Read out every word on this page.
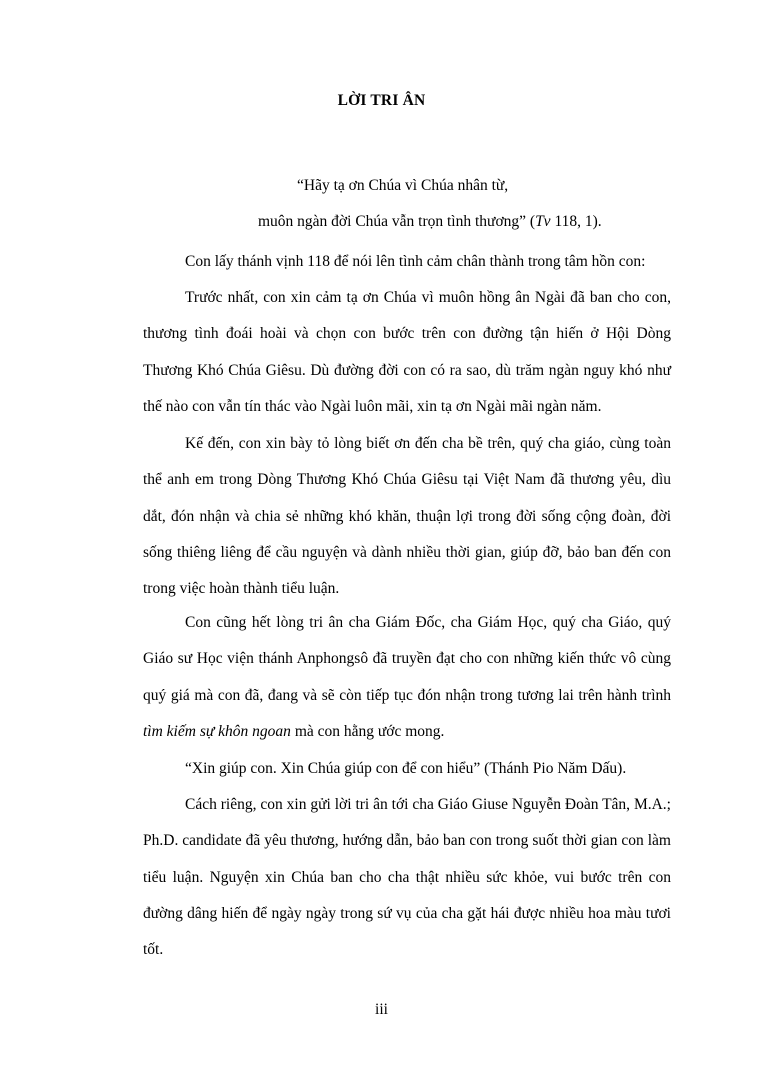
LỜI TRI ÂN
“Hãy tạ ơn Chúa vì Chúa nhân từ,
muôn ngàn đời Chúa vẫn trọn tình thương” (Tv 118, 1).
Con lấy thánh vịnh 118 để nói lên tình cảm chân thành trong tâm hồn con:
Trước nhất, con xin cảm tạ ơn Chúa vì muôn hồng ân Ngài đã ban cho con, thương tình đoái hoài và chọn con bước trên con đường tận hiến ở Hội Dòng Thương Khó Chúa Giêsu. Dù đường đời con có ra sao, dù trăm ngàn nguy khó như thế nào con vẫn tín thác vào Ngài luôn mãi, xin tạ ơn Ngài mãi ngàn năm.
Kế đến, con xin bày tỏ lòng biết ơn đến cha bề trên, quý cha giáo, cùng toàn thể anh em trong Dòng Thương Khó Chúa Giêsu tại Việt Nam đã thương yêu, dìu dắt, đón nhận và chia sẻ những khó khăn, thuận lợi trong đời sống cộng đoàn, đời sống thiêng liêng để cầu nguyện và dành nhiều thời gian, giúp đỡ, bảo ban đến con trong việc hoàn thành tiểu luận.
Con cũng hết lòng tri ân cha Giám Đốc, cha Giám Học, quý cha Giáo, quý Giáo sư Học viện thánh Anphongsô đã truyền đạt cho con những kiến thức vô cùng quý giá mà con đã, đang và sẽ còn tiếp tục đón nhận trong tương lai trên hành trình tìm kiếm sự khôn ngoan mà con hằng ước mong.
“Xin giúp con. Xin Chúa giúp con để con hiểu” (Thánh Pio Năm Dấu).
Cách riêng, con xin gửi lời tri ân tới cha Giáo Giuse Nguyễn Đoàn Tân, M.A.; Ph.D. candidate đã yêu thương, hướng dẫn, bảo ban con trong suốt thời gian con làm tiểu luận. Nguyện xin Chúa ban cho cha thật nhiều sức khỏe, vui bước trên con đường dâng hiến để ngày ngày trong sứ vụ của cha gặt hái được nhiều hoa màu tươi tốt.
iii
